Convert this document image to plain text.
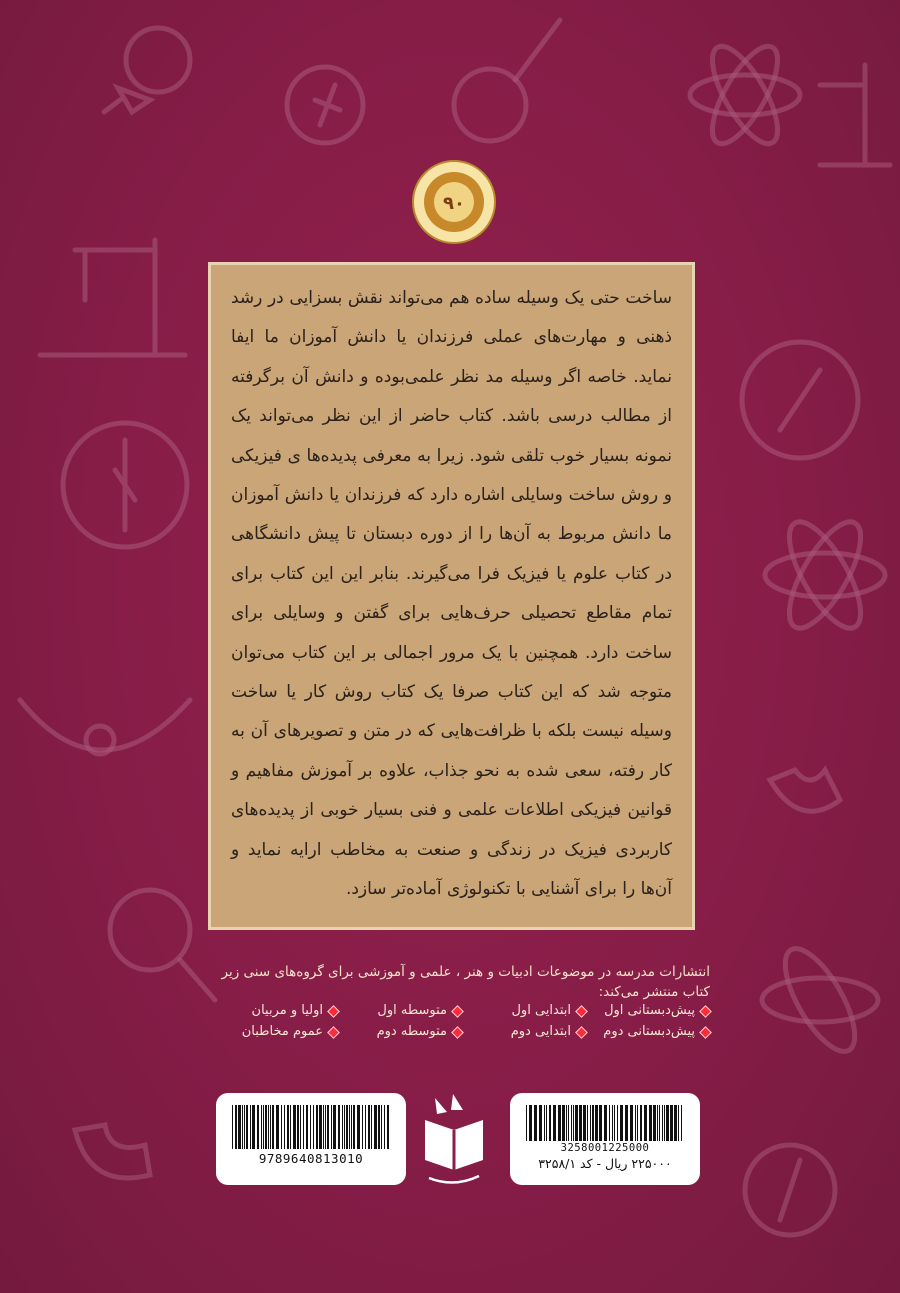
۹۰

ساخت حتی یک وسیله ساده هم می‌تواند نقش بسزایی در رشد ذهنی و مهارت‌های عملی فرزندان یا دانش آموزان ما ایفا نماید. خاصه اگر وسیله مد نظر علمی‌بوده و دانش آن برگرفته از مطالب درسی باشد. کتاب حاضر از این نظر می‌تواند یک نمونه بسیار خوب تلقی شود. زیرا به معرفی پدیده‌ها ی فیزیکی و روش ساخت وسایلی اشاره دارد که فرزندان یا دانش آموزان ما دانش مربوط به آن‌ها را از دوره دبستان تا پیش دانشگاهی در کتاب علوم یا فیزیک فرا می‌گیرند. بنابر این این کتاب برای تمام مقاطع تحصیلی حرف‌هایی برای گفتن و وسایلی برای ساخت دارد. همچنین با یک مرور اجمالی بر این کتاب می‌توان متوجه شد که این کتاب صرفا یک کتاب روش کار یا ساخت وسیله نیست بلکه با ظرافت‌هایی که در متن و تصویرهای آن به کار رفته، سعی شده به نحو جذاب، علاوه بر آموزش مفاهیم و قوانین فیزیکی اطلاعات علمی و فنی بسیار خوبی از پدیده‌های کاربردی فیزیک در زندگی و صنعت به مخاطب ارایه نماید و آن‌ها را برای آشنایی با تکنولوژی آماده‌تر سازد.

انتشارات مدرسه در موضوعات ادبیات و هنر ، علمی و آموزشی برای گروه‌های سنی زیر کتاب منتشر می‌کند:
پیش‌دبستانی اول
ابتدایی اول
متوسطه اول
اولیا و مربیان
پیش‌دبستانی دوم
ابتدایی دوم
متوسطه دوم
عموم مخاطبان
9789640813010
3258001225000
۲۲۵۰۰۰ ریال - کد ۳۲۵۸/۱
